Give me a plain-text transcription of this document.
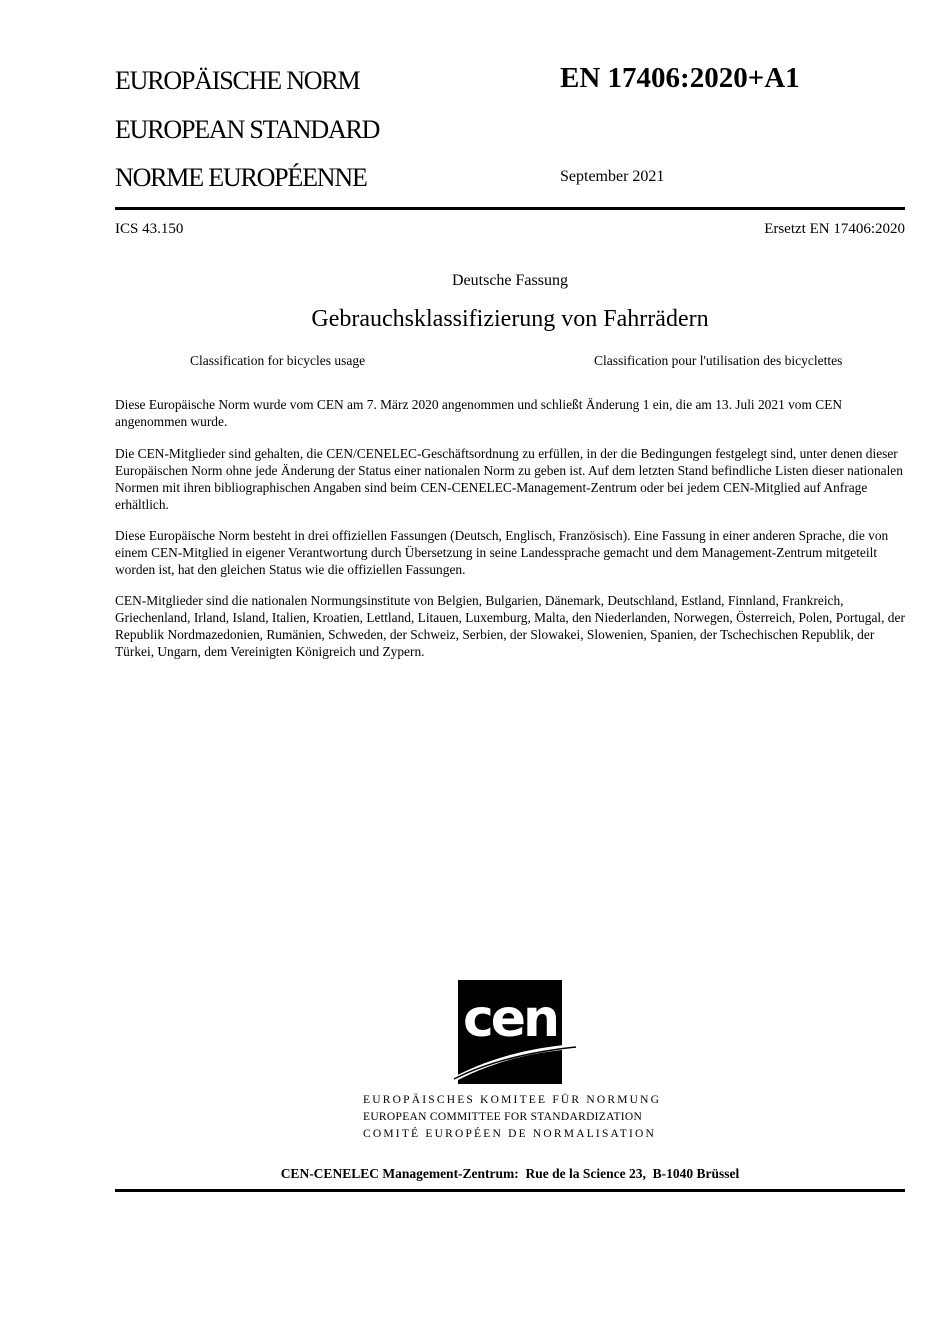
EUROPÄISCHE NORM
EUROPEAN STANDARD
NORME EUROPÉENNE
EN 17406:2020+A1
September 2021
ICS 43.150	Ersetzt EN 17406:2020
Deutsche Fassung
Gebrauchsklassifizierung von Fahrrädern
Classification for bicycles usage	Classification pour l'utilisation des bicyclettes
Diese Europäische Norm wurde vom CEN am 7. März 2020 angenommen und schließt Änderung 1 ein, die am 13. Juli 2021 vom CEN angenommen wurde.
Die CEN-Mitglieder sind gehalten, die CEN/CENELEC-Geschäftsordnung zu erfüllen, in der die Bedingungen festgelegt sind, unter denen dieser Europäischen Norm ohne jede Änderung der Status einer nationalen Norm zu geben ist. Auf dem letzten Stand befindliche Listen dieser nationalen Normen mit ihren bibliographischen Angaben sind beim CEN-CENELEC-Management-Zentrum oder bei jedem CEN-Mitglied auf Anfrage erhältlich.
Diese Europäische Norm besteht in drei offiziellen Fassungen (Deutsch, Englisch, Französisch). Eine Fassung in einer anderen Sprache, die von einem CEN-Mitglied in eigener Verantwortung durch Übersetzung in seine Landessprache gemacht und dem Management-Zentrum mitgeteilt worden ist, hat den gleichen Status wie die offiziellen Fassungen.
CEN-Mitglieder sind die nationalen Normungsinstitute von Belgien, Bulgarien, Dänemark, Deutschland, Estland, Finnland, Frankreich, Griechenland, Irland, Island, Italien, Kroatien, Lettland, Litauen, Luxemburg, Malta, den Niederlanden, Norwegen, Österreich, Polen, Portugal, der Republik Nordmazedonien, Rumänien, Schweden, der Schweiz, Serbien, der Slowakei, Slowenien, Spanien, der Tschechischen Republik, der Türkei, Ungarn, dem Vereinigten Königreich und Zypern.
cen
EUROPÄISCHES KOMITEE FÜR NORMUNG
EUROPEAN COMMITTEE FOR STANDARDIZATION
COMITÉ EUROPÉEN DE NORMALISATION
CEN-CENELEC Management-Zentrum:  Rue de la Science 23,  B-1040 Brüssel
